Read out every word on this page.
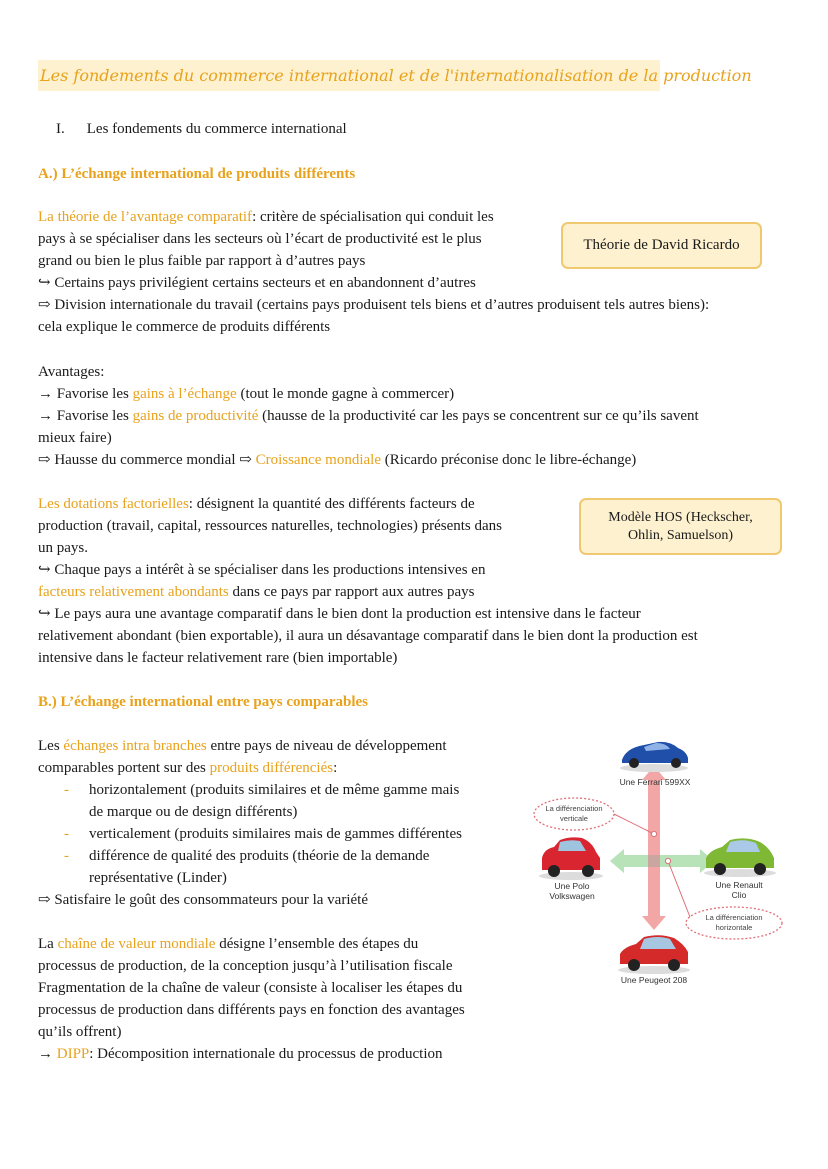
Les fondements du commerce international et de l'internationalisation de la production
I. Les fondements du commerce international
A.) L’échange international de produits différents
Théorie de David Ricardo
La théorie de l’avantage comparatif: critère de spécialisation qui conduit les
pays à se spécialiser dans les secteurs où l’écart de productivité est le plus
grand ou bien le plus faible par rapport à d’autres pays
↪ Certains pays privilégient certains secteurs et en abandonnent d’autres
⇨ Division internationale du travail (certains pays produisent tels biens et d’autres produisent tels autres biens):
cela explique le commerce de produits différents
Avantages:
→ Favorise les gains à l’échange (tout le monde gagne à commercer)
→ Favorise les gains de productivité (hausse de la productivité car les pays se concentrent sur ce qu’ils savent
mieux faire)
⇨ Hausse du commerce mondial ⇨ Croissance mondiale (Ricardo préconise donc le libre-échange)
Modèle HOS (Heckscher,
Ohlin, Samuelson)
Les dotations factorielles: désignent la quantité des différents facteurs de
production (travail, capital, ressources naturelles, technologies) présents dans
un pays.
↪ Chaque pays a intérêt à se spécialiser dans les productions intensives en
facteurs relativement abondants dans ce pays par rapport aux autres pays
↪ Le pays aura une avantage comparatif dans le bien dont la production est intensive dans le facteur
relativement abondant (bien exportable), il aura un désavantage comparatif dans le bien dont la production est
intensive dans le facteur relativement rare (bien importable)
B.) L’échange international entre pays comparables
Les échanges intra branches entre pays de niveau de développement
comparables portent sur des produits différenciés:
- horizontalement (produits similaires et de même gamme mais
de marque ou de design différents)
- verticalement (produits similaires mais de gammes différentes
- différence de qualité des produits (théorie de la demande
représentative (Linder)
⇨ Satisfaire le goût des consommateurs pour la variété
La chaîne de valeur mondiale désigne l’ensemble des étapes du
processus de production, de la conception jusqu’à l’utilisation fiscale
Fragmentation de la chaîne de valeur (consiste à localiser les étapes du
processus de production dans différents pays en fonction des avantages
qu’ils offrent)
→ DIPP: Décomposition internationale du processus de production
Une Ferrari 599XX
Une Polo
Volkswagen
Une Renault
Clio
Une Peugeot 208
La différenciation
verticale
La différenciation
horizontale
